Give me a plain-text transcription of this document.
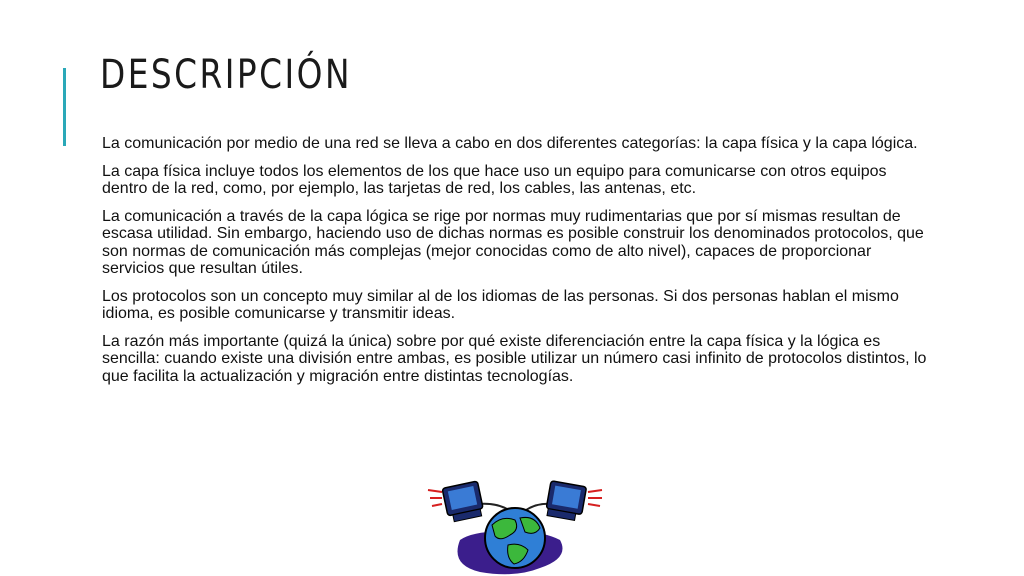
DESCRIPCIÓN

La comunicación por medio de una red se lleva a cabo en dos diferentes categorías: la capa física y la capa lógica.

La capa física incluye todos los elementos de los que hace uso un equipo para comunicarse con otros equipos dentro de la red, como, por ejemplo, las tarjetas de red, los cables, las antenas, etc.

La comunicación a través de la capa lógica se rige por normas muy rudimentarias que por sí mismas resultan de escasa utilidad. Sin embargo, haciendo uso de dichas normas es posible construir los denominados protocolos, que son normas de comunicación más complejas (mejor conocidas como de alto nivel), capaces de proporcionar servicios que resultan útiles.

Los protocolos son un concepto muy similar al de los idiomas de las personas. Si dos personas hablan el mismo idioma, es posible comunicarse y transmitir ideas.

La razón más importante (quizá la única) sobre por qué existe diferenciación entre la capa física y la lógica es sencilla: cuando existe una división entre ambas, es posible utilizar un número casi infinito de protocolos distintos, lo que facilita la actualización y migración entre distintas tecnologías.
